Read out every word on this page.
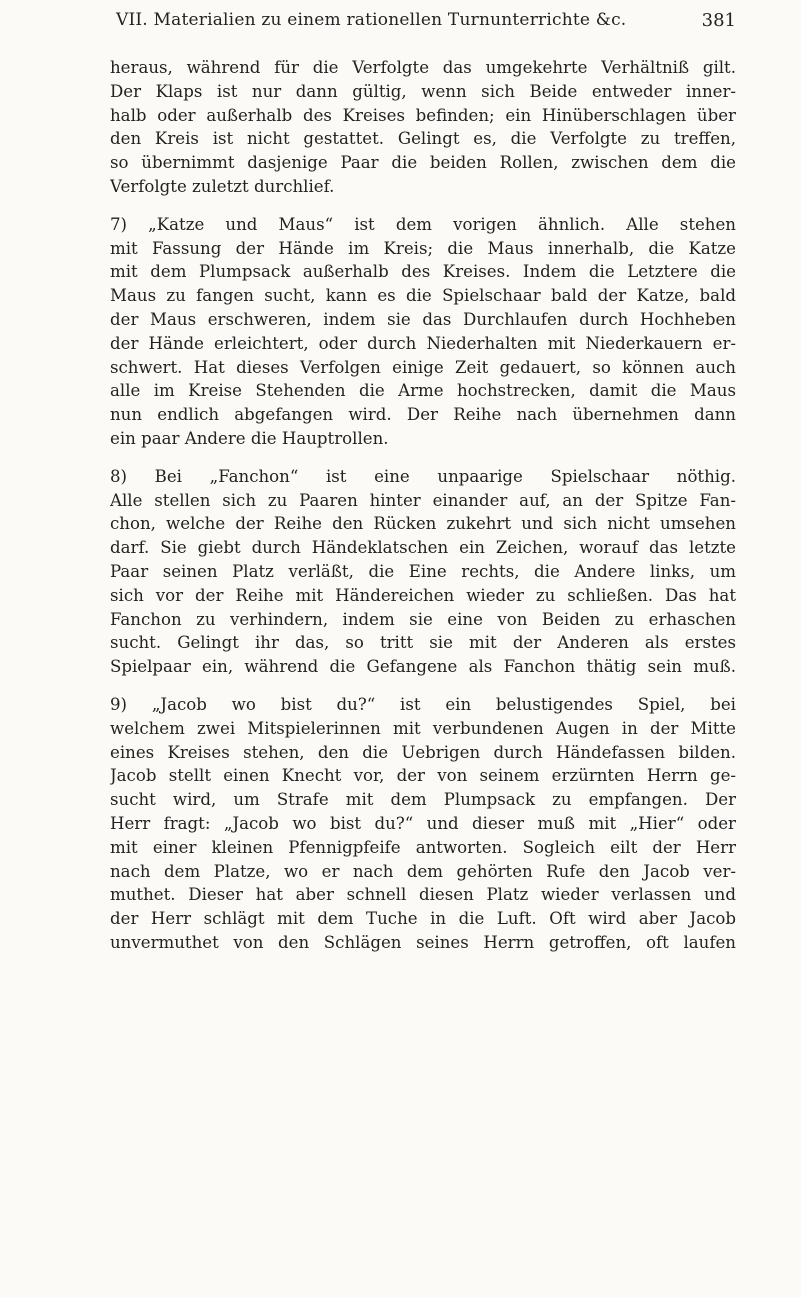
VII. Materialien zu einem rationellen Turnunterrichte &c.	381
heraus, während für die Verfolgte das umgekehrte Verhältniß gilt.
Der Klaps ist nur dann gültig, wenn sich Beide entweder inner-
halb oder außerhalb des Kreises befinden; ein Hinüberschlagen über
den Kreis ist nicht gestattet. Gelingt es, die Verfolgte zu treffen,
so übernimmt dasjenige Paar die beiden Rollen, zwischen dem die
Verfolgte zuletzt durchlief.
7) „Katze und Maus“ ist dem vorigen ähnlich. Alle stehen
mit Fassung der Hände im Kreis; die Maus innerhalb, die Katze
mit dem Plumpsack außerhalb des Kreises. Indem die Letztere die
Maus zu fangen sucht, kann es die Spielschaar bald der Katze, bald
der Maus erschweren, indem sie das Durchlaufen durch Hochheben
der Hände erleichtert, oder durch Niederhalten mit Niederkauern er-
schwert. Hat dieses Verfolgen einige Zeit gedauert, so können auch
alle im Kreise Stehenden die Arme hochstrecken, damit die Maus
nun endlich abgefangen wird. Der Reihe nach übernehmen dann
ein paar Andere die Hauptrollen.
8) Bei „Fanchon“ ist eine unpaarige Spielschaar nöthig.
Alle stellen sich zu Paaren hinter einander auf, an der Spitze Fan-
chon, welche der Reihe den Rücken zukehrt und sich nicht umsehen
darf. Sie giebt durch Händeklatschen ein Zeichen, worauf das letzte
Paar seinen Platz verläßt, die Eine rechts, die Andere links, um
sich vor der Reihe mit Händereichen wieder zu schließen. Das hat
Fanchon zu verhindern, indem sie eine von Beiden zu erhaschen
sucht. Gelingt ihr das, so tritt sie mit der Anderen als erstes
Spielpaar ein, während die Gefangene als Fanchon thätig sein muß.
9) „Jacob wo bist du?“ ist ein belustigendes Spiel, bei
welchem zwei Mitspielerinnen mit verbundenen Augen in der Mitte
eines Kreises stehen, den die Uebrigen durch Händefassen bilden.
Jacob stellt einen Knecht vor, der von seinem erzürnten Herrn ge-
sucht wird, um Strafe mit dem Plumpsack zu empfangen. Der
Herr fragt: „Jacob wo bist du?“ und dieser muß mit „Hier“ oder
mit einer kleinen Pfennigpfeife antworten. Sogleich eilt der Herr
nach dem Platze, wo er nach dem gehörten Rufe den Jacob ver-
muthet. Dieser hat aber schnell diesen Platz wieder verlassen und
der Herr schlägt mit dem Tuche in die Luft. Oft wird aber Jacob
unvermuthet von den Schlägen seines Herrn getroffen, oft laufen
